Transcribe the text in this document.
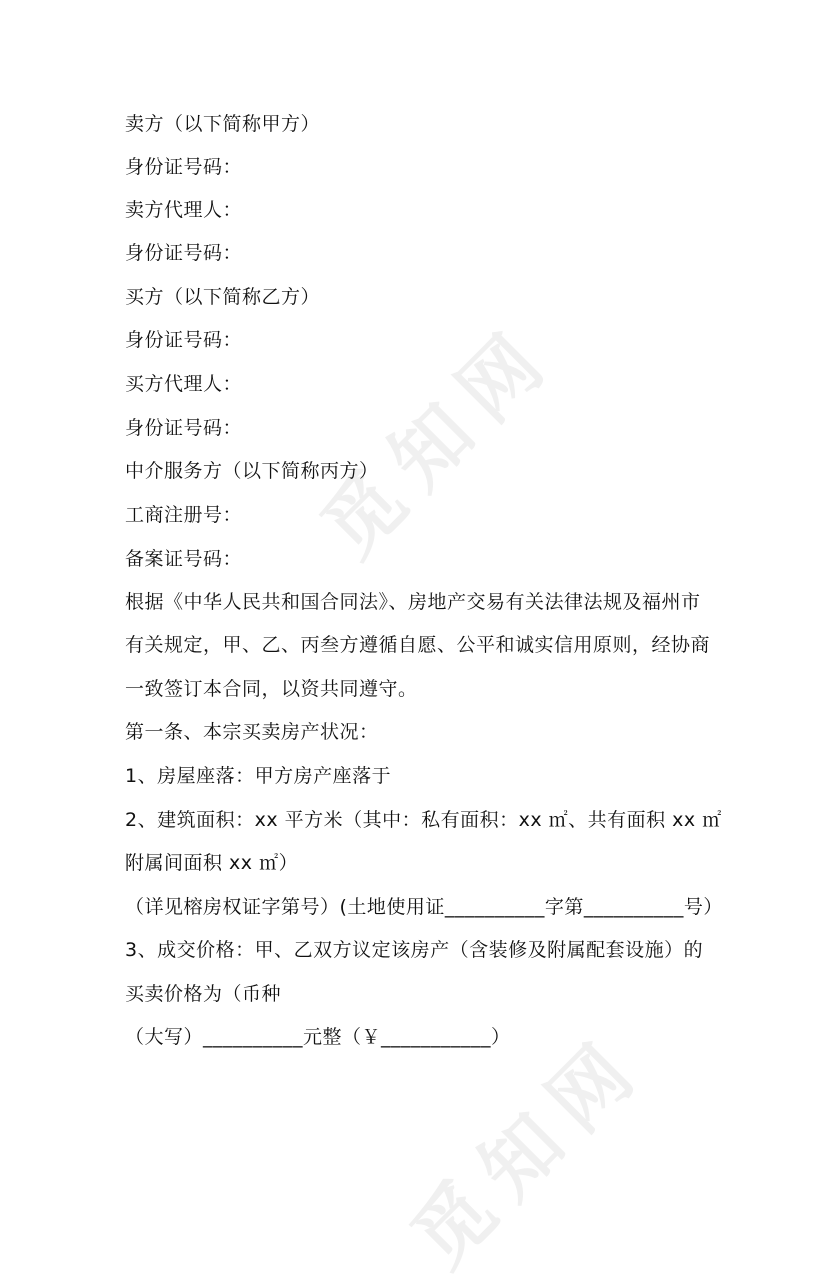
觅知网
觅知网
卖方（以下简称甲方）
身份证号码：
卖方代理人：
身份证号码：
买方（以下简称乙方）
身份证号码：
买方代理人：
身份证号码：
中介服务方（以下简称丙方）
工商注册号：
备案证号码：
根据《中华人民共和国合同法》、房地产交易有关法律法规及福州市
有关规定，甲、乙、丙叁方遵循自愿、公平和诚实信用原则，经协商
一致签订本合同，以资共同遵守。
第一条、本宗买卖房产状况：
1、房屋座落：甲方房产座落于
2、建筑面积：xx 平方米（其中：私有面积：xx ㎡、共有面积 xx ㎡
附属间面积 xx ㎡）
（详见榕房权证字第号）(土地使用证__________字第__________号）
3、成交价格：甲、乙双方议定该房产（含装修及附属配套设施）的
买卖价格为（币种
（大写）__________元整（￥___________）
